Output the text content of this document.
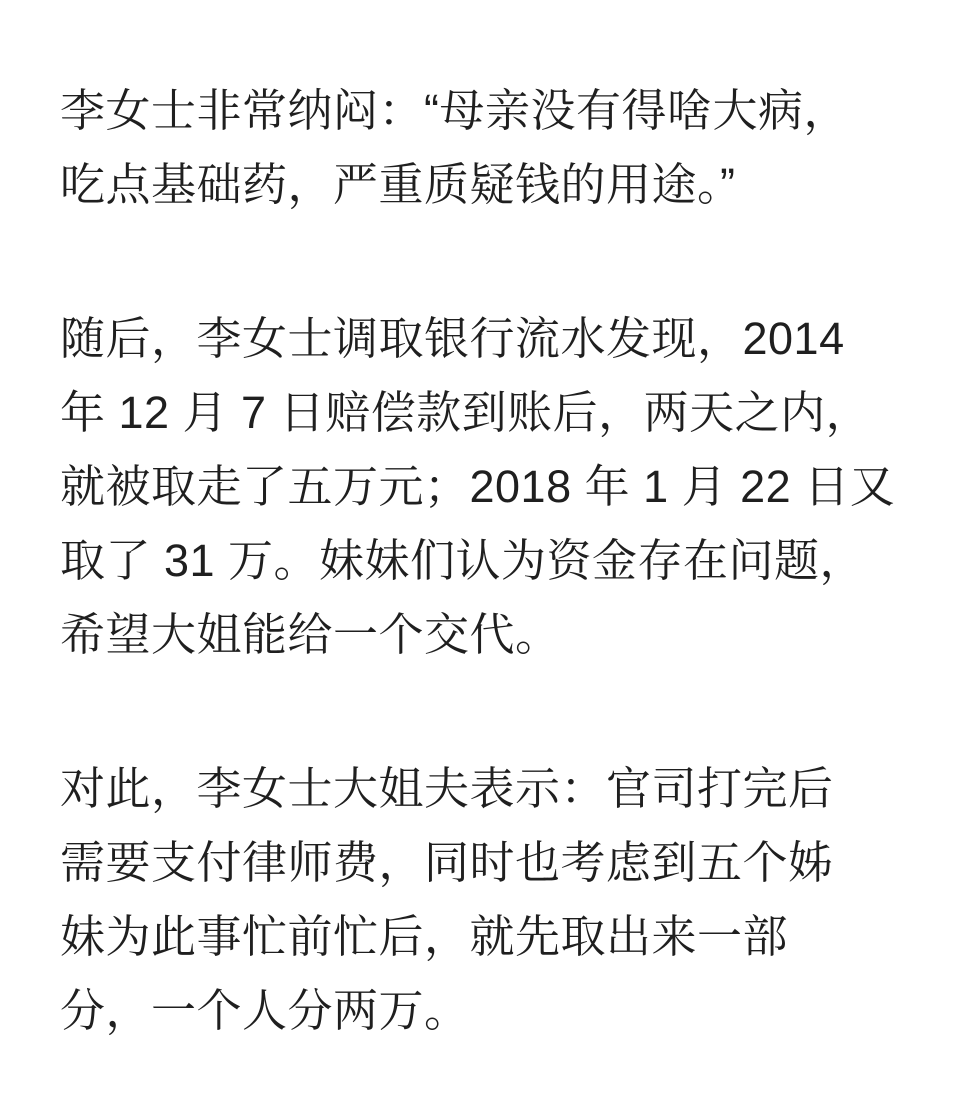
李女士非常纳闷：“母亲没有得啥大病，
吃点基础药，严重质疑钱的用途。”
随后，李女士调取银行流水发现，2014
年 12 月 7 日赔偿款到账后，两天之内，
就被取走了五万元；2018 年 1 月 22 日又
取了 31 万。妹妹们认为资金存在问题，
希望大姐能给一个交代。
对此，李女士大姐夫表示：官司打完后
需要支付律师费，同时也考虑到五个姊
妹为此事忙前忙后，就先取出来一部
分，一个人分两万。
